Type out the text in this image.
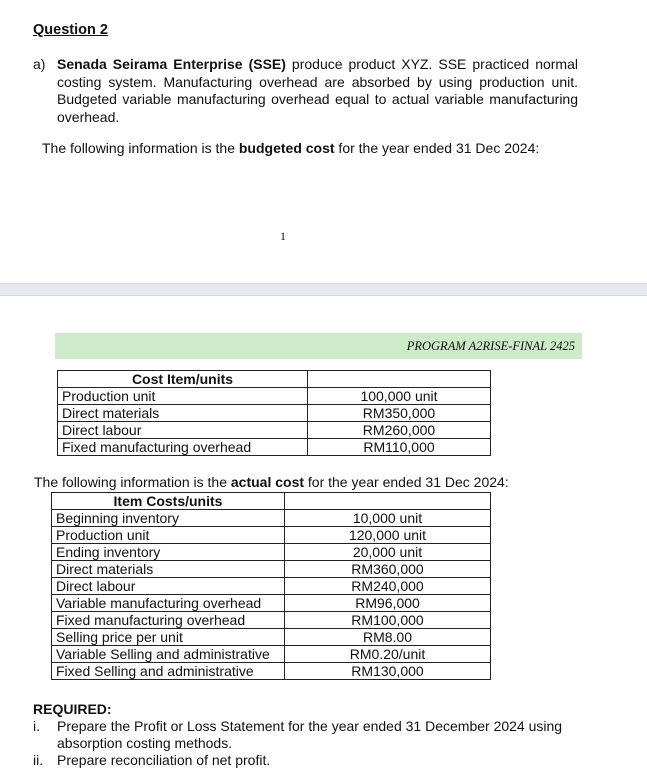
Question 2
a) Senada Seirama Enterprise (SSE) produce product XYZ. SSE practiced normal costing system. Manufacturing overhead are absorbed by using production unit. Budgeted variable manufacturing overhead equal to actual variable manufacturing overhead.
The following information is the budgeted cost for the year ended 31 Dec 2024:
1
PROGRAM A2RISE-FINAL 2425
Cost Item/units	
Production unit	100,000 unit
Direct materials	RM350,000
Direct labour	RM260,000
Fixed manufacturing overhead	RM110,000
The following information is the actual cost for the year ended 31 Dec 2024:
Item Costs/units	
Beginning inventory	10,000 unit
Production unit	120,000 unit
Ending inventory	20,000 unit
Direct materials	RM360,000
Direct labour	RM240,000
Variable manufacturing overhead	RM96,000
Fixed manufacturing overhead	RM100,000
Selling price per unit	RM8.00
Variable Selling and administrative	RM0.20/unit
Fixed Selling and administrative	RM130,000
REQUIRED:
i. Prepare the Profit or Loss Statement for the year ended 31 December 2024 using absorption costing methods.
ii. Prepare reconciliation of net profit.
